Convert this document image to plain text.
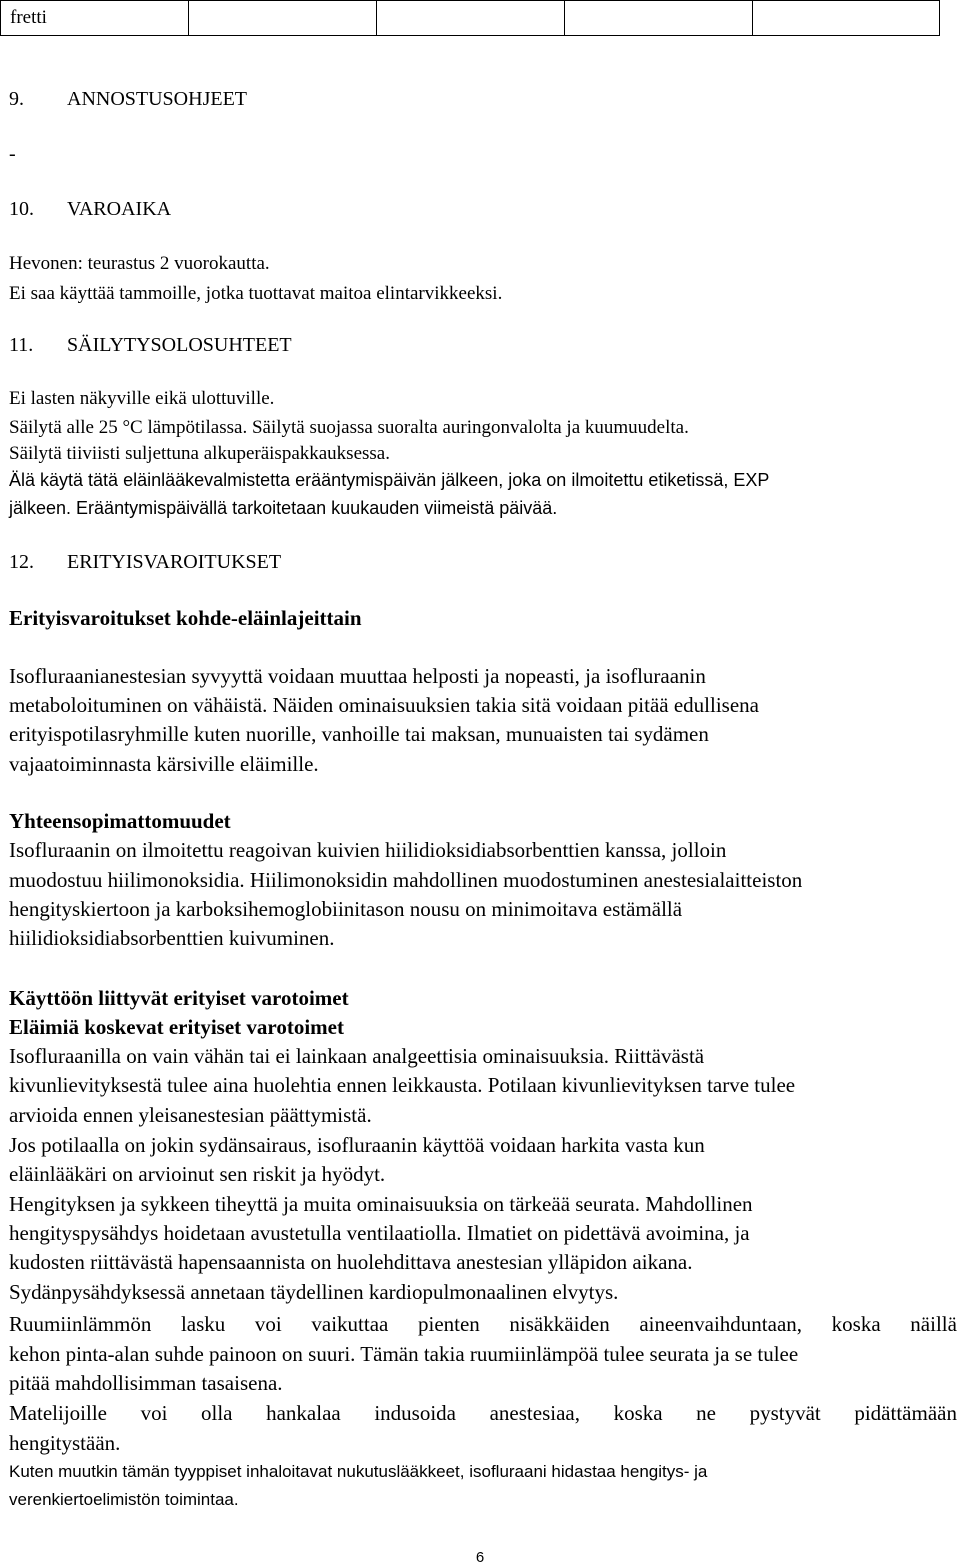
fretti
9. ANNOSTUSOHJEET
-
10. VAROAIKA
Hevonen: teurastus 2 vuorokautta.
Ei saa käyttää tammoille, jotka tuottavat maitoa elintarvikkeeksi.
11. SÄILYTYSOLOSUHTEET
Ei lasten näkyville eikä ulottuville.
Säilytä alle 25 °C lämpötilassa. Säilytä suojassa suoralta auringonvalolta ja kuumuudelta.
Säilytä tiiviisti suljettuna alkuperäispakkauksessa.
Älä käytä tätä eläinlääkevalmistetta erääntymispäivän jälkeen, joka on ilmoitettu etiketissä, EXP
jälkeen. Erääntymispäivällä tarkoitetaan kuukauden viimeistä päivää.
12. ERITYISVAROITUKSET
Erityisvaroitukset kohde-eläinlajeittain
Isofluraanianestesian syvyyttä voidaan muuttaa helposti ja nopeasti, ja isofluraanin
metaboloituminen on vähäistä. Näiden ominaisuuksien takia sitä voidaan pitää edullisena
erityispotilasryhmille kuten nuorille, vanhoille tai maksan, munuaisten tai sydämen
vajaatoiminnasta kärsiville eläimille.
Yhteensopimattomuudet
Isofluraanin on ilmoitettu reagoivan kuivien hiilidioksidiabsorbenttien kanssa, jolloin
muodostuu hiilimonoksidia. Hiilimonoksidin mahdollinen muodostuminen anestesialaitteiston
hengityskiertoon ja karboksihemoglobiinitason nousu on minimoitava estämällä
hiilidioksidiabsorbenttien kuivuminen.
Käyttöön liittyvät erityiset varotoimet
Eläimiä koskevat erityiset varotoimet
Isofluraanilla on vain vähän tai ei lainkaan analgeettisia ominaisuuksia. Riittävästä
kivunlievityksestä tulee aina huolehtia ennen leikkausta. Potilaan kivunlievityksen tarve tulee
arvioida ennen yleisanestesian päättymistä.
Jos potilaalla on jokin sydänsairaus, isofluraanin käyttöä voidaan harkita vasta kun
eläinlääkäri on arvioinut sen riskit ja hyödyt.
Hengityksen ja sykkeen tiheyttä ja muita ominaisuuksia on tärkeää seurata. Mahdollinen
hengityspysähdys hoidetaan avustetulla ventilaatiolla. Ilmatiet on pidettävä avoimina, ja
kudosten riittävästä hapensaannista on huolehdittava anestesian ylläpidon aikana.
Sydänpysähdyksessä annetaan täydellinen kardiopulmonaalinen elvytys.
Ruumiinlämmön lasku voi vaikuttaa pienten nisäkkäiden aineenvaihduntaan, koska näillä
kehon pinta-alan suhde painoon on suuri. Tämän takia ruumiinlämpöä tulee seurata ja se tulee
pitää mahdollisimman tasaisena.
Matelijoille voi olla hankalaa indusoida anestesiaa, koska ne pystyvät pidättämään
hengitystään.
Kuten muutkin tämän tyyppiset inhaloitavat nukutuslääkkeet, isofluraani hidastaa hengitys- ja
verenkiertoelimistön toimintaa.
6
